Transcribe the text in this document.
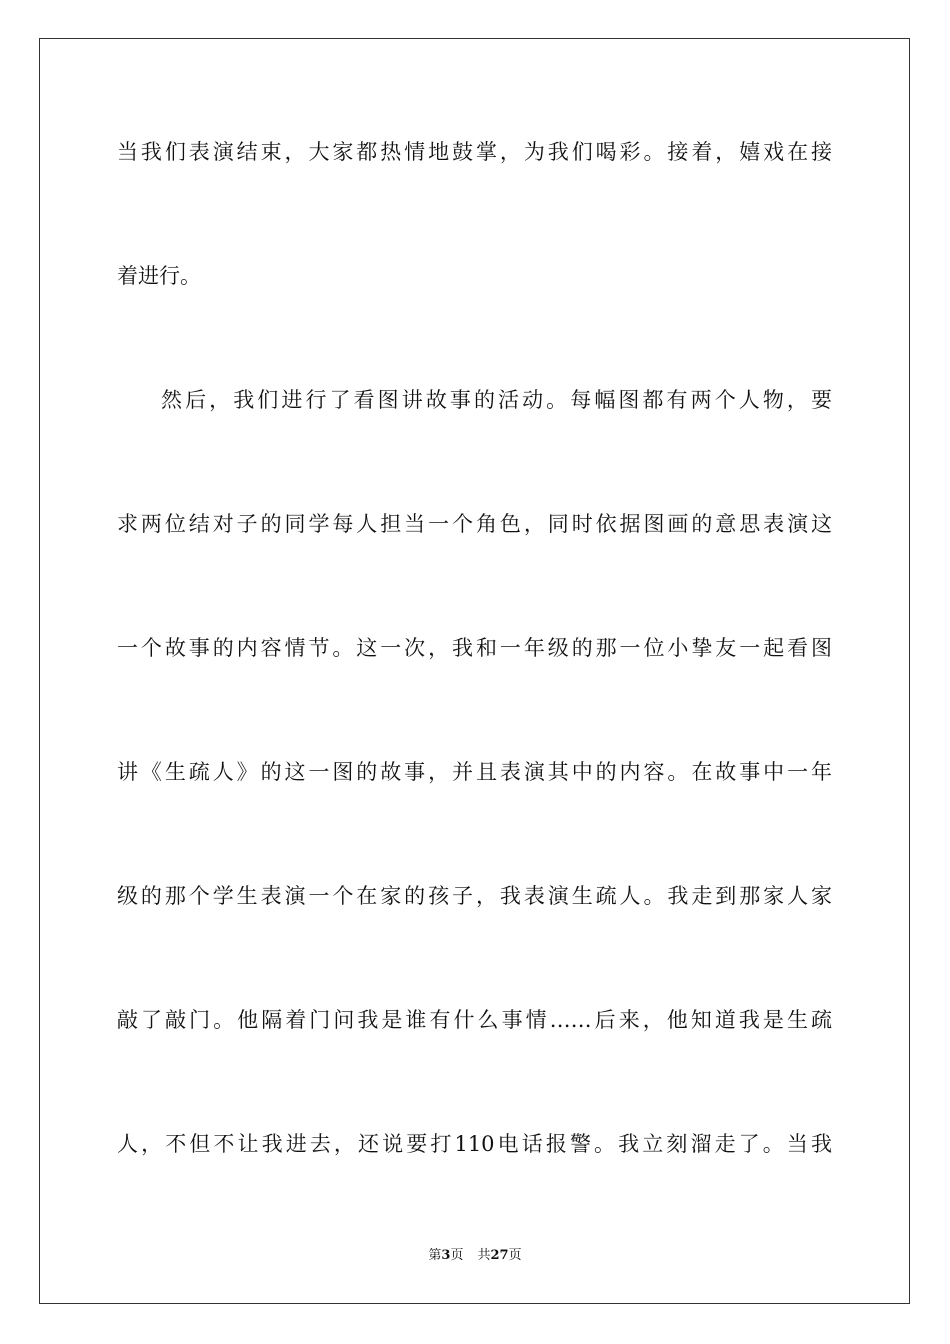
当我们表演结束，大家都热情地鼓掌，为我们喝彩。接着，嬉戏在接
着进行。
然后，我们进行了看图讲故事的活动。每幅图都有两个人物，要
求两位结对子的同学每人担当一个角色，同时依据图画的意思表演这
一个故事的内容情节。这一次，我和一年级的那一位小挚友一起看图
讲《生疏人》的这一图的故事，并且表演其中的内容。在故事中一年
级的那个学生表演一个在家的孩子，我表演生疏人。我走到那家人家
敲了敲门。他隔着门问我是谁有什么事情……后来，他知道我是生疏
人，不但不让我进去，还说要打110电话报警。我立刻溜走了。当我
第3页 共27页
